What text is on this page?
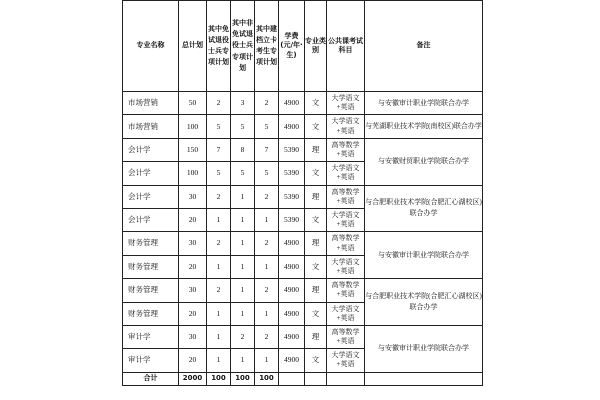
专业名称	总计划	其中免试退役士兵专项计划	其中非免试退役士兵专项计划	其中建档立卡考生专项计划	学费(元/年·生)	专业类别	公共课考试科目	备注
市场营销	50	2	3	2	4900	文	大学语文+英语	与安徽审计职业学院联合办学
市场营销	100	5	5	5	4900	文	大学语文+英语	与芜湖职业技术学院(南校区)联合办学
会计学	150	7	8	7	5390	理	高等数学+英语	与安徽财贸职业学院联合办学
会计学	100	5	5	5	5390	文	大学语文+英语	
会计学	30	2	1	2	5390	理	高等数学+英语	与合肥职业技术学院(合肥汇心湖校区)联合办学
会计学	20	1	1	1	5390	文	大学语文+英语	
财务管理	30	2	1	2	4900	理	高等数学+英语	与安徽审计职业学院联合办学
财务管理	20	1	1	1	4900	文	大学语文+英语	
财务管理	30	2	1	2	4900	理	高等数学+英语	与合肥职业技术学院(合肥汇心湖校区)联合办学
财务管理	20	1	1	1	4900	文	大学语文+英语	
审计学	30	1	2	2	4900	理	高等数学+英语	与安徽审计职业学院联合办学
审计学	20	1	1	1	4900	文	大学语文+英语	
合计	2000	100	100	100				
